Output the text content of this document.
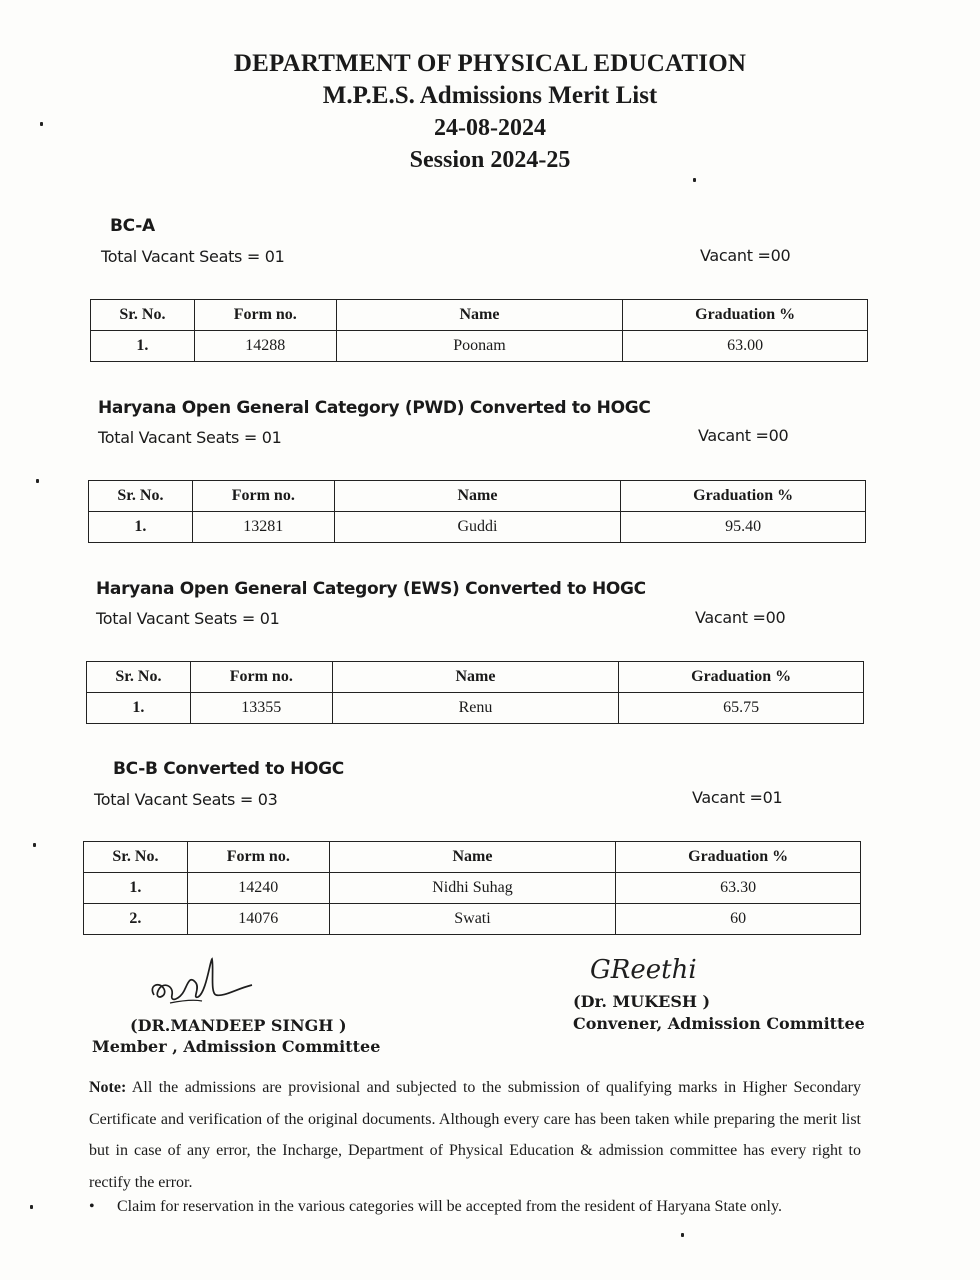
DEPARTMENT OF PHYSICAL EDUCATION
M.P.E.S. Admissions Merit List
24-08-2024
Session 2024-25
BC-A
Total Vacant Seats = 01	Vacant =00
Sr. No.	Form no.	Name	Graduation %
1.	14288	Poonam	63.00
Haryana Open General Category (PWD) Converted to HOGC
Total Vacant Seats = 01	Vacant =00
Sr. No.	Form no.	Name	Graduation %
1.	13281	Guddi	95.40
Haryana Open General Category (EWS) Converted to HOGC
Total Vacant Seats = 01	Vacant =00
Sr. No.	Form no.	Name	Graduation %
1.	13355	Renu	65.75
BC-B Converted to HOGC
Total Vacant Seats = 03	Vacant =01
Sr. No.	Form no.	Name	Graduation %
1.	14240	Nidhi Suhag	63.30
2.	14076	Swati	60
(DR.MANDEEP SINGH )
Member , Admission Committee
GReethi
(Dr. MUKESH )
Convener, Admission Committee
Note: All the admissions are provisional and subjected to the submission of qualifying marks in Higher Secondary Certificate and verification of the original documents. Although every care has been taken while preparing the merit list but in case of any error, the Incharge, Department of Physical Education & admission committee has every right to rectify the error.
• Claim for reservation in the various categories will be accepted from the resident of Haryana State only.
